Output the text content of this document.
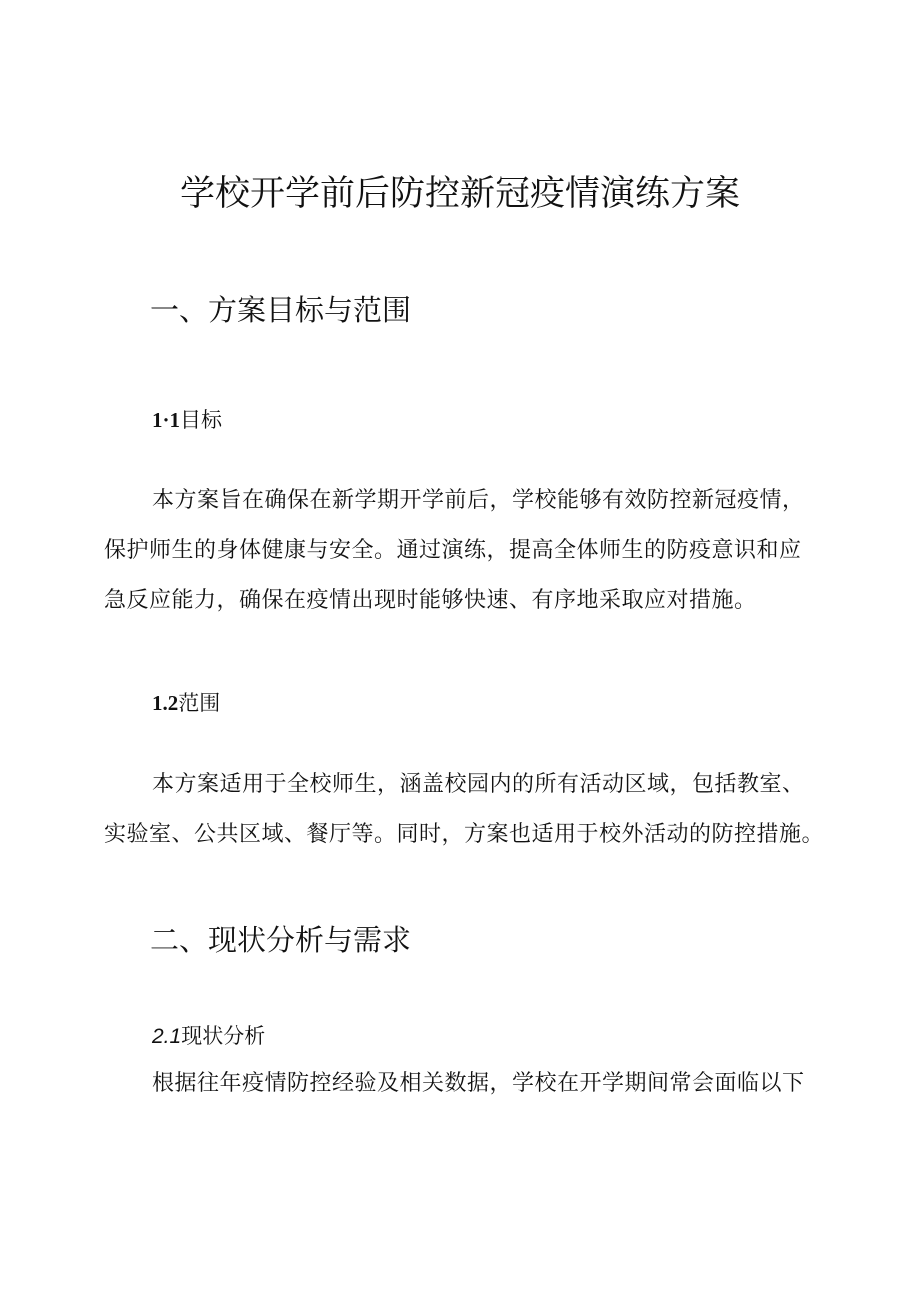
学校开学前后防控新冠疫情演练方案
一、方案目标与范围
1·1目标

本方案旨在确保在新学期开学前后，学校能够有效防控新冠疫情，
保护师生的身体健康与安全。通过演练，提高全体师生的防疫意识和应
急反应能力，确保在疫情出现时能够快速、有序地采取应对措施。

1.2范围

本方案适用于全校师生，涵盖校园内的所有活动区域，包括教室、
实验室、公共区域、餐厅等。同时，方案也适用于校外活动的防控措施。

二、现状分析与需求
2.1现状分析

根据往年疫情防控经验及相关数据，学校在开学期间常会面临以下
